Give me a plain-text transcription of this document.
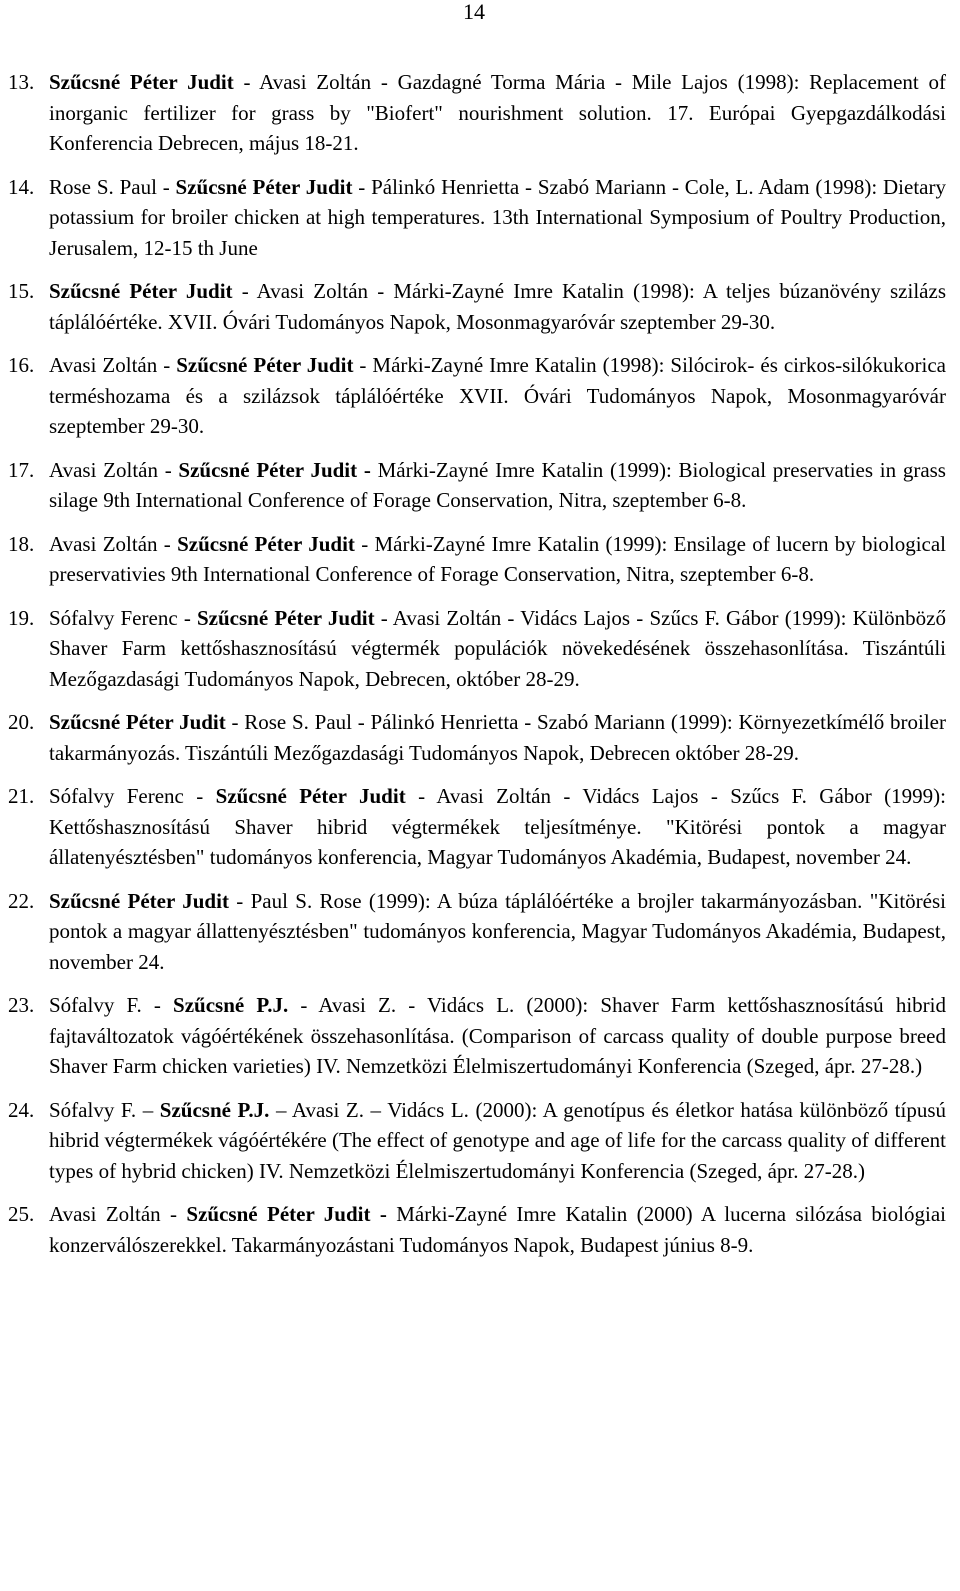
14
13. Szűcsné Péter Judit - Avasi Zoltán - Gazdagné Torma Mária - Mile Lajos (1998): Replacement of inorganic fertilizer for grass by "Biofert" nourishment solution. 17. Európai Gyepgazdálkodási Konferencia Debrecen, május 18-21.
14. Rose S. Paul - Szűcsné Péter Judit - Pálinkó Henrietta - Szabó Mariann - Cole, L. Adam (1998): Dietary potassium for broiler chicken at high temperatures. 13th International Symposium of Poultry Production, Jerusalem, 12-15 th June
15. Szűcsné Péter Judit - Avasi Zoltán - Márki-Zayné Imre Katalin (1998): A teljes búzanövény szilázs táplálóértéke. XVII. Óvári Tudományos Napok, Mosonmagyaróvár szeptember 29-30.
16. Avasi Zoltán - Szűcsné Péter Judit - Márki-Zayné Imre Katalin (1998): Silócirok- és cirkos-silókukorica terméshozama és a szilázsok táplálóértéke XVII. Óvári Tudományos Napok, Mosonmagyaróvár szeptember 29-30.
17. Avasi Zoltán - Szűcsné Péter Judit - Márki-Zayné Imre Katalin (1999): Biological preservaties in grass silage 9th International Conference of Forage Conservation, Nitra, szeptember 6-8.
18. Avasi Zoltán - Szűcsné Péter Judit - Márki-Zayné Imre Katalin (1999): Ensilage of lucern by biological preservativies 9th International Conference of Forage Conservation, Nitra, szeptember 6-8.
19. Sófalvy Ferenc - Szűcsné Péter Judit - Avasi Zoltán - Vidács Lajos - Szűcs F. Gábor (1999): Különböző Shaver Farm kettőshasznosítású végtermék populációk növekedésének összehasonlítása. Tiszántúli Mezőgazdasági Tudományos Napok, Debrecen, október 28-29.
20. Szűcsné Péter Judit - Rose S. Paul - Pálinkó Henrietta - Szabó Mariann (1999): Környezetkímélő broiler takarmányozás. Tiszántúli Mezőgazdasági Tudományos Napok, Debrecen október 28-29.
21. Sófalvy Ferenc - Szűcsné Péter Judit - Avasi Zoltán - Vidács Lajos - Szűcs F. Gábor (1999): Kettőshasznosítású Shaver hibrid végtermékek teljesítménye. "Kitörési pontok a magyar állatenyésztésben" tudományos konferencia, Magyar Tudományos Akadémia, Budapest, november 24.
22. Szűcsné Péter Judit - Paul S. Rose (1999): A búza táplálóértéke a brojler takarmányozásban. "Kitörési pontok a magyar állattenyésztésben" tudományos konferencia, Magyar Tudományos Akadémia, Budapest, november 24.
23. Sófalvy F. - Szűcsné P.J. - Avasi Z. - Vidács L. (2000): Shaver Farm kettőshasznosítású hibrid fajtaváltozatok vágóértékének összehasonlítása. (Comparison of carcass quality of double purpose breed Shaver Farm chicken varieties) IV. Nemzetközi Élelmiszertudományi Konferencia (Szeged, ápr. 27-28.)
24. Sófalvy F. – Szűcsné P.J. – Avasi Z. – Vidács L. (2000): A genotípus és életkor hatása különböző típusú hibrid végtermékek vágóértékére (The effect of genotype and age of life for the carcass quality of different types of hybrid chicken) IV. Nemzetközi Élelmiszertudományi Konferencia (Szeged, ápr. 27-28.)
25. Avasi Zoltán - Szűcsné Péter Judit - Márki-Zayné Imre Katalin (2000) A lucerna silózása biológiai konzerválószerekkel. Takarmányozástani Tudományos Napok, Budapest június 8-9.
